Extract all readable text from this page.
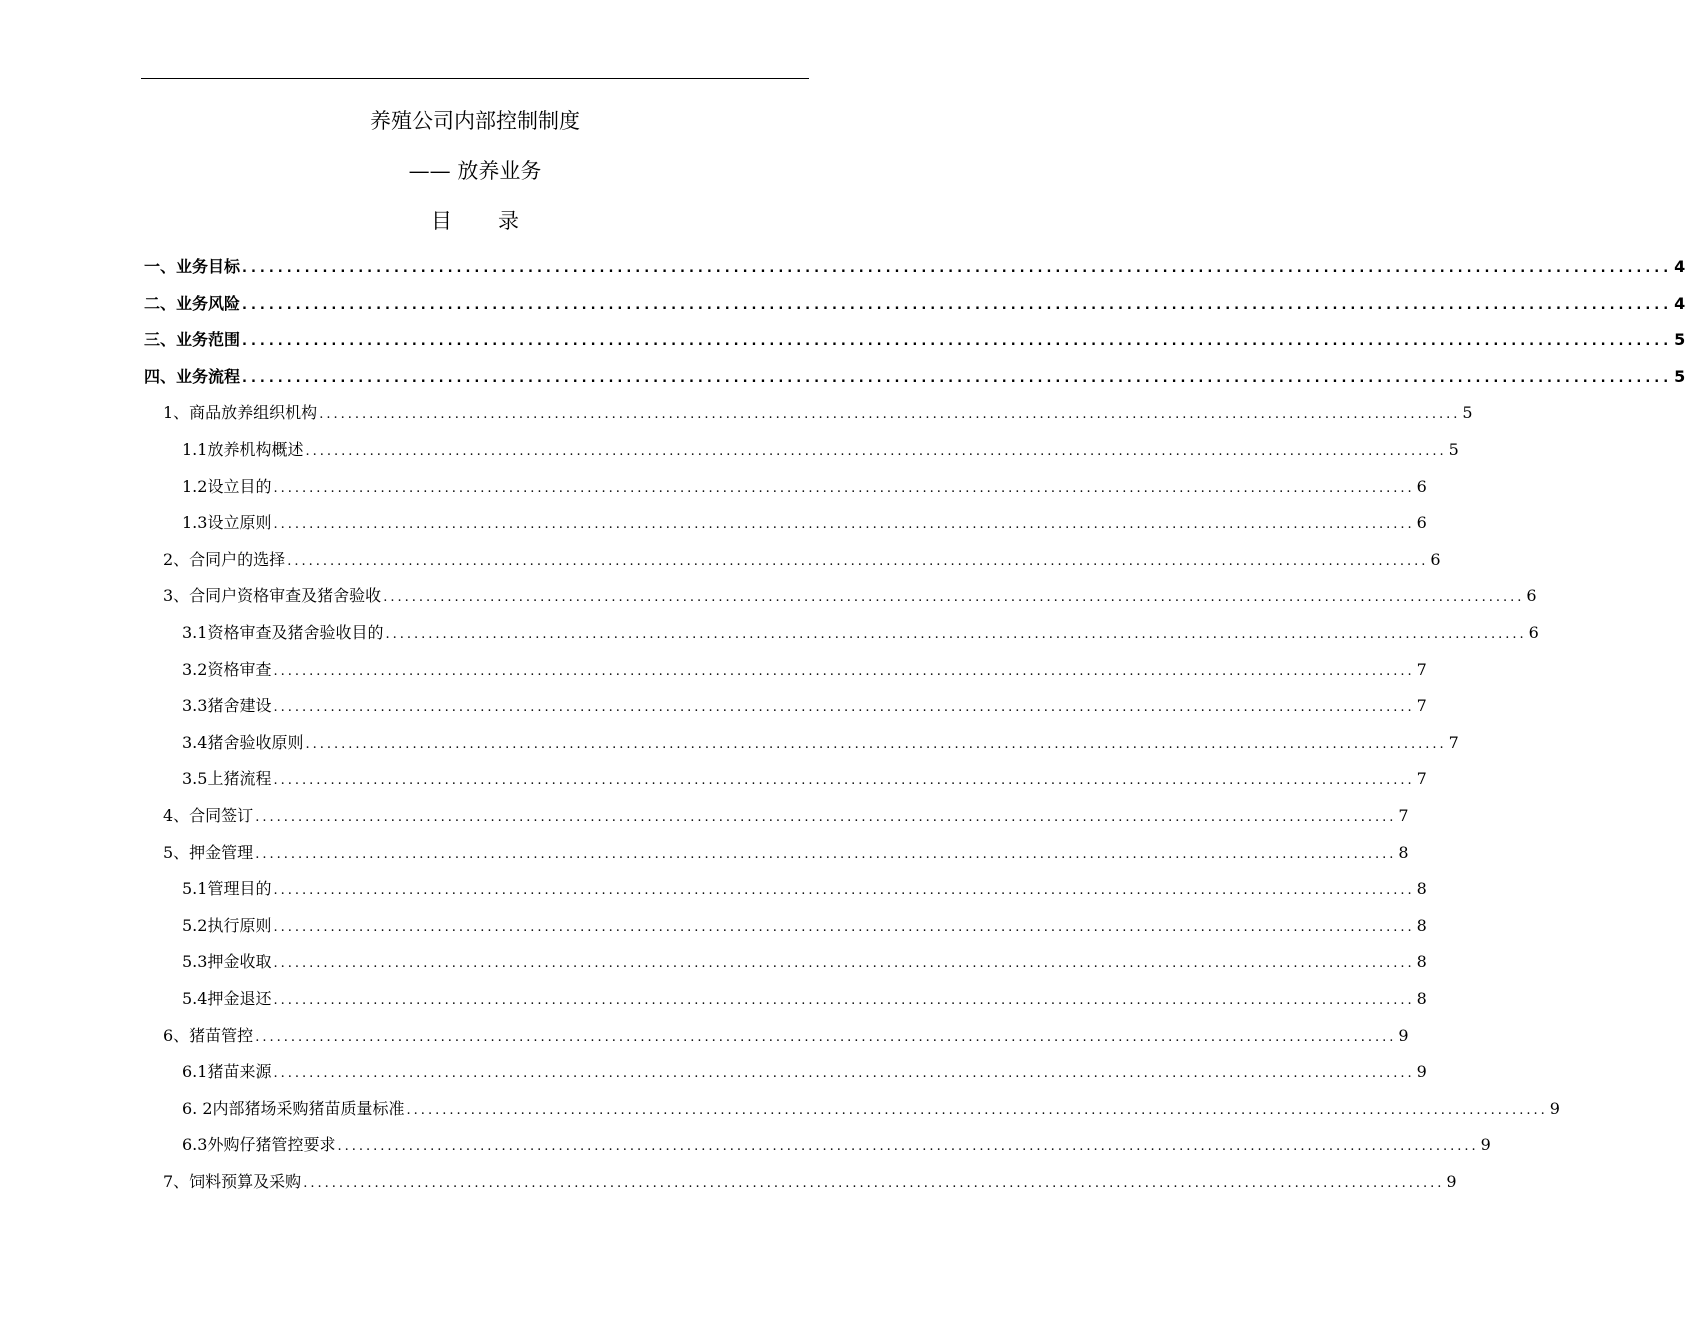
养殖公司内部控制制度
—— 放养业务
目 录
一、业务目标 ................................................................................................................................................................ 4
二、业务风险 ................................................................................................................................................................ 4
三、业务范围 ................................................................................................................................................................ 5
四、业务流程 ................................................................................................................................................................ 5
1、商品放养组织机构 ................................................................................................................................................................ 5
1.1放养机构概述 ................................................................................................................................................................ 5
1.2设立目的 ................................................................................................................................................................ 6
1.3设立原则 ................................................................................................................................................................ 6
2、合同户的选择 ................................................................................................................................................................ 6
3、合同户资格审查及猪舍验收 ................................................................................................................................................................ 6
3.1资格审查及猪舍验收目的 ................................................................................................................................................................ 6
3.2资格审查 ................................................................................................................................................................ 7
3.3猪舍建设 ................................................................................................................................................................ 7
3.4猪舍验收原则 ................................................................................................................................................................ 7
3.5上猪流程 ................................................................................................................................................................ 7
4、合同签订 ................................................................................................................................................................ 7
5、押金管理 ................................................................................................................................................................ 8
5.1管理目的 ................................................................................................................................................................ 8
5.2执行原则 ................................................................................................................................................................ 8
5.3押金收取 ................................................................................................................................................................ 8
5.4押金退还 ................................................................................................................................................................ 8
6、猪苗管控 ................................................................................................................................................................ 9
6.1猪苗来源 ................................................................................................................................................................ 9
6. 2内部猪场采购猪苗质量标准 ................................................................................................................................................................ 9
6.3外购仔猪管控要求 ................................................................................................................................................................ 9
7、饲料预算及采购 ................................................................................................................................................................ 9
